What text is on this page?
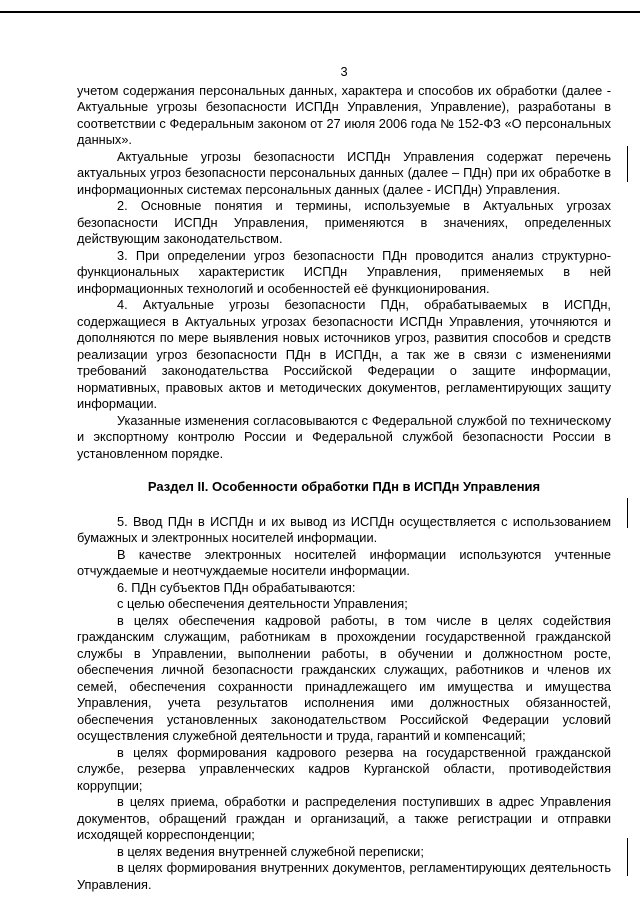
3

учетом содержания персональных данных, характера и способов их обработки (далее - Актуальные угрозы безопасности ИСПДн Управления, Управление), разработаны в соответствии с Федеральным законом от 27 июля 2006 года № 152-ФЗ «О персональных данных».

Актуальные угрозы безопасности ИСПДн Управления содержат перечень актуальных угроз безопасности персональных данных (далее – ПДн) при их обработке в информационных системах персональных данных (далее - ИСПДн) Управления.

2. Основные понятия и термины, используемые в Актуальных угрозах безопасности ИСПДн Управления, применяются в значениях, определенных действующим законодательством.

3. При определении угроз безопасности ПДн проводится анализ структурно-функциональных характеристик ИСПДн Управления, применяемых в ней информационных технологий и особенностей её функционирования.

4. Актуальные угрозы безопасности ПДн, обрабатываемых в ИСПДн, содержащиеся в Актуальных угрозах безопасности ИСПДн Управления, уточняются и дополняются по мере выявления новых источников угроз, развития способов и средств реализации угроз безопасности ПДн в ИСПДн, а так же в связи с изменениями требований законодательства Российской Федерации о защите информации, нормативных, правовых актов и методических документов, регламентирующих защиту информации.

Указанные изменения согласовываются с Федеральной службой по техническому и экспортному контролю России и Федеральной службой безопасности России в установленном порядке.

Раздел II. Особенности обработки ПДн в ИСПДн Управления

5. Ввод ПДн в ИСПДн и их вывод из ИСПДн осуществляется с использованием бумажных и электронных носителей информации.

В качестве электронных носителей информации используются учтенные отчуждаемые и неотчуждаемые носители информации.

6. ПДн субъектов ПДн обрабатываются:

с целью обеспечения деятельности Управления;

в целях обеспечения кадровой работы, в том числе в целях содействия гражданским служащим, работникам в прохождении государственной гражданской службы в Управлении, выполнении работы, в обучении и должностном росте, обеспечения личной безопасности гражданских служащих, работников и членов их семей, обеспечения сохранности принадлежащего им имущества и имущества Управления, учета результатов исполнения ими должностных обязанностей, обеспечения установленных законодательством Российской Федерации условий осуществления служебной деятельности и труда, гарантий и компенсаций;

в целях формирования кадрового резерва на государственной гражданской службе, резерва управленческих кадров Курганской области, противодействия коррупции;

в целях приема, обработки и распределения поступивших в адрес Управления документов, обращений граждан и организаций, а также регистрации и отправки исходящей корреспонденции;

в целях ведения внутренней служебной переписки;

в целях формирования внутренних документов, регламентирующих деятельность Управления.
